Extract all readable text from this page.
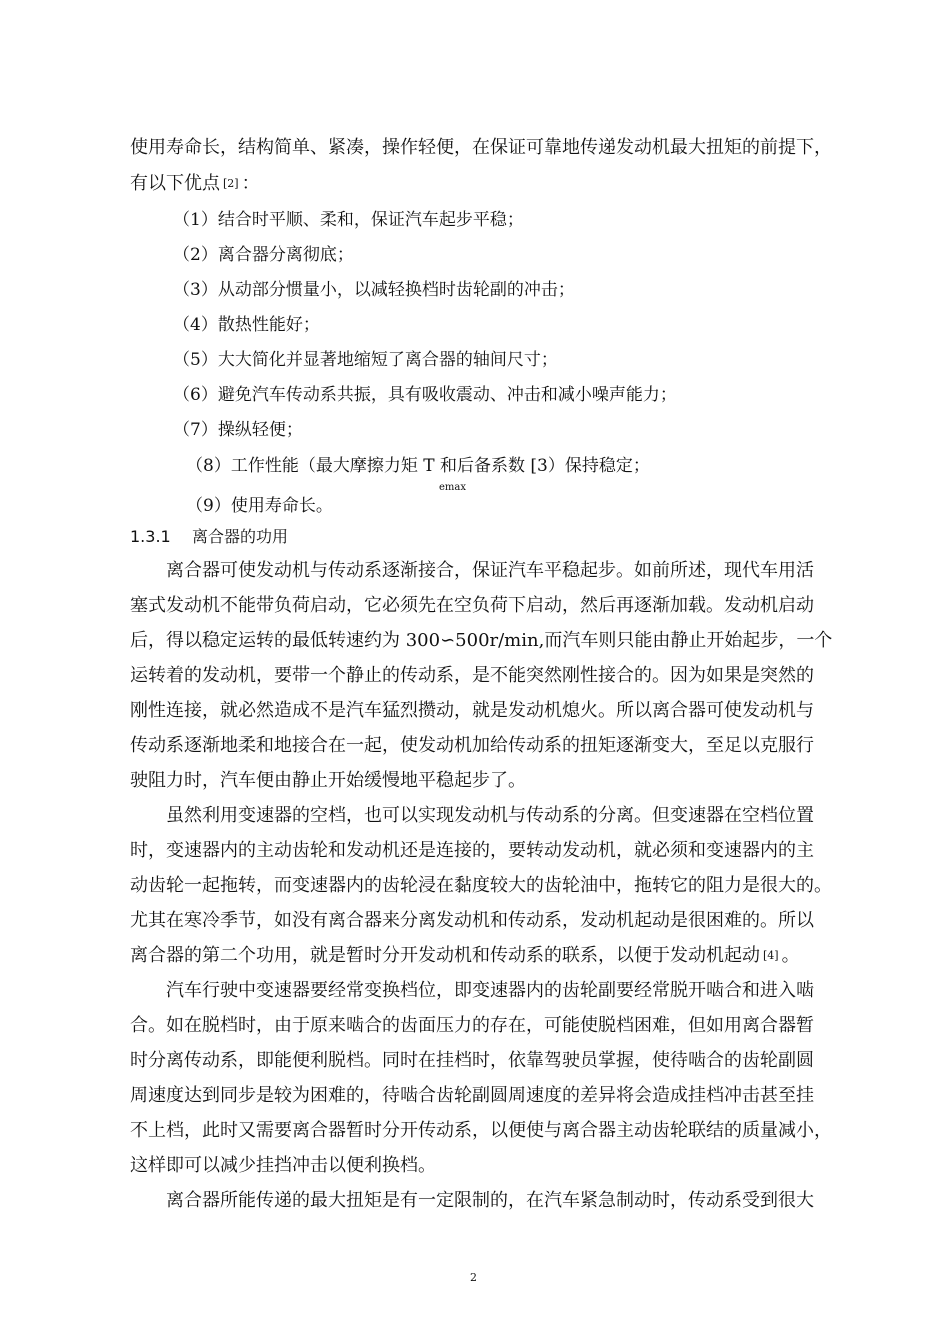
使用寿命长，结构简单、紧凑，操作轻便，在保证可靠地传递发动机最大扭矩的前提下，
有以下优点 [2] ：
（1）结合时平顺、柔和，保证汽车起步平稳；
（2）离合器分离彻底；
（3）从动部分惯量小，以减轻换档时齿轮副的冲击；
（4）散热性能好；
（5）大大简化并显著地缩短了离合器的轴间尺寸；
（6）避免汽车传动系共振，具有吸收震动、冲击和减小噪声能力；
（7）操纵轻便；
（8）工作性能（最大摩擦力矩 T 和后备系数 [3）保持稳定；
emax
（9）使用寿命长。
1.3.1 离合器的功用
　　离合器可使发动机与传动系逐渐接合，保证汽车平稳起步。如前所述，现代车用活
塞式发动机不能带负荷启动，它必须先在空负荷下启动，然后再逐渐加载。发动机启动
后，得以稳定运转的最低转速约为 300∽500r/min,而汽车则只能由静止开始起步，一个
运转着的发动机，要带一个静止的传动系，是不能突然刚性接合的。因为如果是突然的
刚性连接，就必然造成不是汽车猛烈攒动，就是发动机熄火。所以离合器可使发动机与
传动系逐渐地柔和地接合在一起，使发动机加给传动系的扭矩逐渐变大，至足以克服行
驶阻力时，汽车便由静止开始缓慢地平稳起步了。
　　虽然利用变速器的空档，也可以实现发动机与传动系的分离。但变速器在空档位置
时，变速器内的主动齿轮和发动机还是连接的，要转动发动机，就必须和变速器内的主
动齿轮一起拖转，而变速器内的齿轮浸在黏度较大的齿轮油中，拖转它的阻力是很大的。
尤其在寒冷季节，如没有离合器来分离发动机和传动系，发动机起动是很困难的。所以
离合器的第二个功用，就是暂时分开发动机和传动系的联系，以便于发动机起动 [4] 。
　　汽车行驶中变速器要经常变换档位，即变速器内的齿轮副要经常脱开啮合和进入啮
合。如在脱档时，由于原来啮合的齿面压力的存在，可能使脱档困难，但如用离合器暂
时分离传动系，即能便利脱档。同时在挂档时，依靠驾驶员掌握，使待啮合的齿轮副圆
周速度达到同步是较为困难的，待啮合齿轮副圆周速度的差异将会造成挂档冲击甚至挂
不上档，此时又需要离合器暂时分开传动系，以便使与离合器主动齿轮联结的质量减小，
这样即可以减少挂挡冲击以便利换档。
　　离合器所能传递的最大扭矩是有一定限制的，在汽车紧急制动时，传动系受到很大
2
